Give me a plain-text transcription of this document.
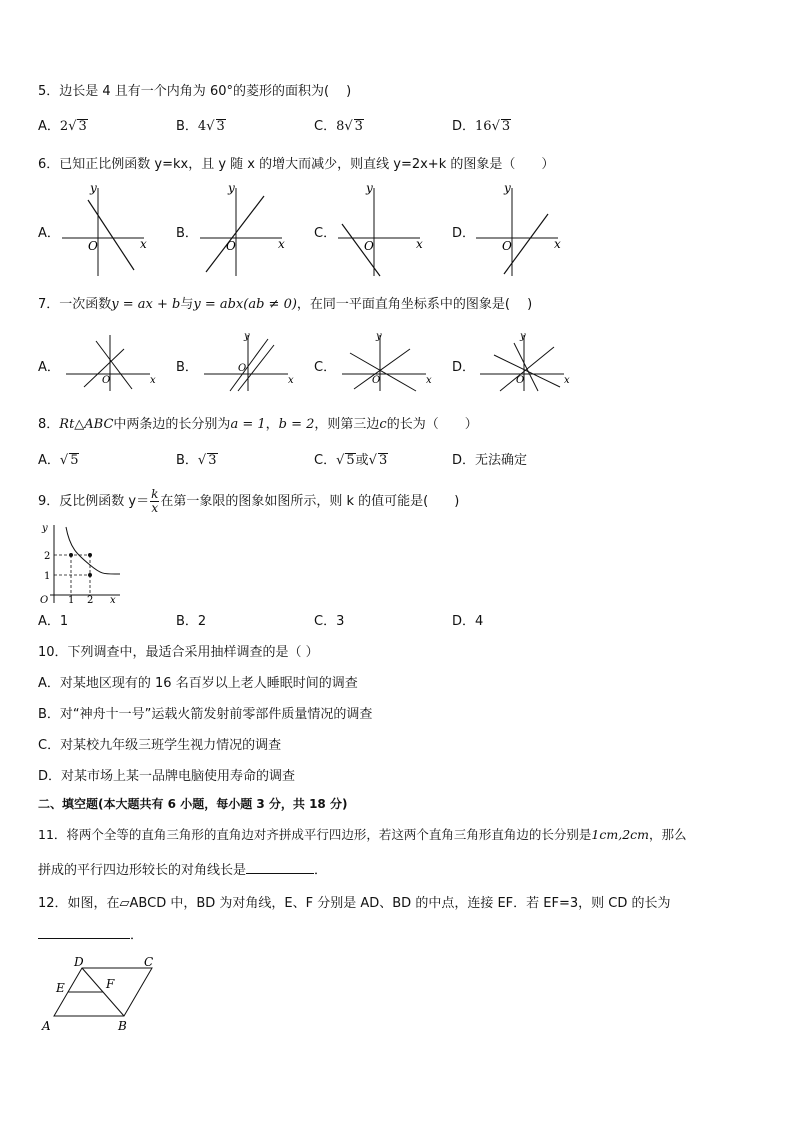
5．边长是 4 且有一个内角为 60°的菱形的面积为(　 )
A．2√ 3	B．4√ 3	C．8√ 3	D．16√ 3
6．已知正比例函数 y=kx，且 y 随 x 的增大而减少，则直线 y=2x+k 的图象是（　　）
A．	B．	C．	D．
y
x
O
y
x
O
y
x
O
y
x
O
7．一次函数y = ax + b与y = abx(ab ≠ 0)，在同一平面直角坐标系中的图象是(　 )
A．	B．	C．	D．
x
O
y
x
O
y
x
O
y
x
O
8．Rt△ABC中两条边的长分别为a = 1，b = 2，则第三边c的长为（　　）
A．√ 5	B．√ 3	C．√ 5或√ 3	D．无法确定
9．反比例函数 $y= \frac{k}{x}$ 在第一象限的图象如图所示，则 k 的值可能是(　　)
y
x
O
2
1
1 2
A．1	B．2	C．3	D．4
10．下列调查中，最适合采用抽样调查的是（ ）
A．对某地区现有的 16 名百岁以上老人睡眠时间的调查
B．对“神舟十一号”运载火箭发射前零部件质量情况的调查
C．对某校九年级三班学生视力情况的调查
D．对某市场上某一品牌电脑使用寿命的调查
二、填空题(本大题共有 6 小题，每小题 3 分，共 18 分)
11．将两个全等的直角三角形的直角边对齐拼成平行四边形，若这两个直角三角形直角边的长分别是1cm,2cm，那么
拼成的平行四边形较长的对角线长是	．
12．如图，在▱ABCD 中，BD 为对角线，E、F 分别是 AD、BD 的中点，连接 EF．若 EF=3，则 CD 的长为
．
A	B
C
D
E	F
